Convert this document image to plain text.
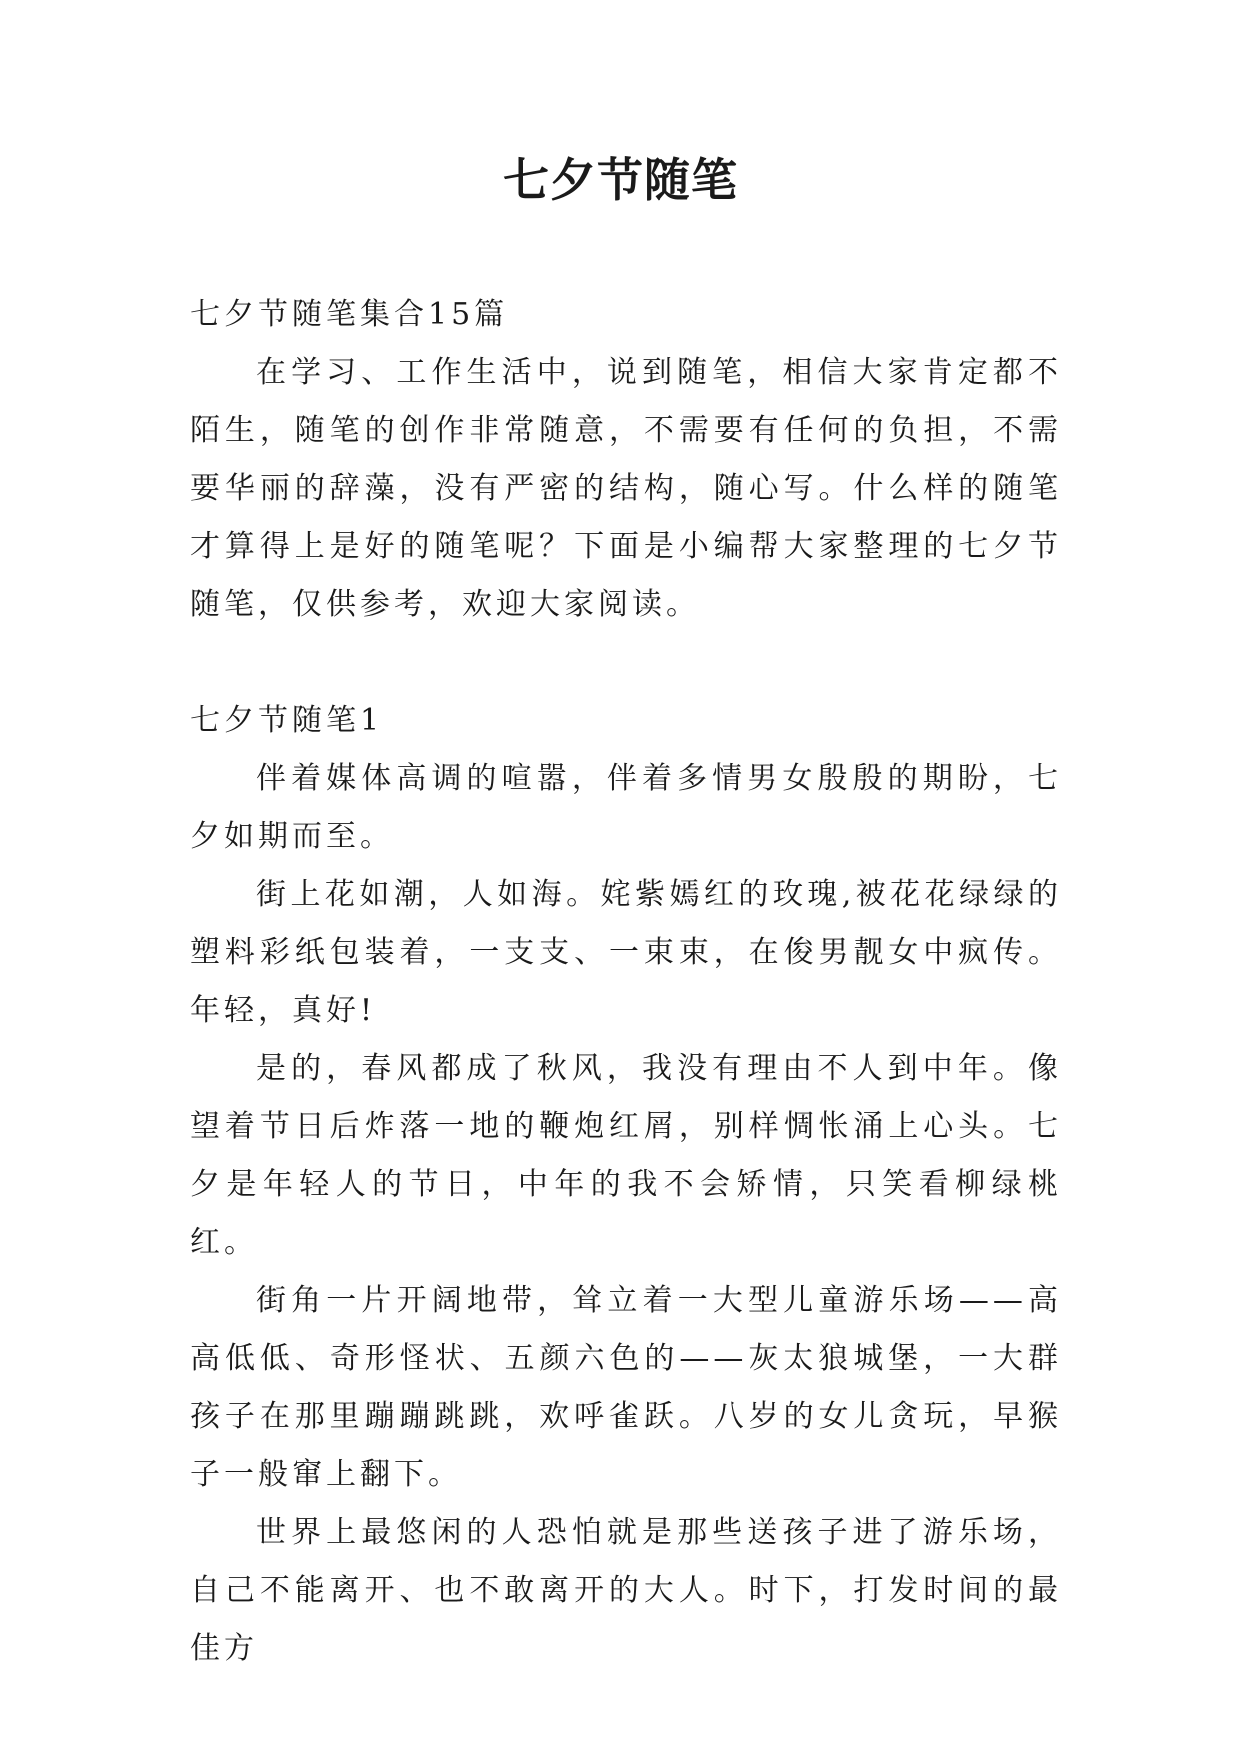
七夕节随笔

七夕节随笔集合15篇

在学习、工作生活中，说到随笔，相信大家肯定都不陌生，随笔的创作非常随意，不需要有任何的负担，不需要华丽的辞藻，没有严密的结构，随心写。什么样的随笔才算得上是好的随笔呢？下面是小编帮大家整理的七夕节随笔，仅供参考，欢迎大家阅读。

七夕节随笔1

伴着媒体高调的喧嚣，伴着多情男女殷殷的期盼，七夕如期而至。

街上花如潮，人如海。姹紫嫣红的玫瑰,被花花绿绿的塑料彩纸包装着，一支支、一束束，在俊男靓女中疯传。年轻，真好!

是的，春风都成了秋风，我没有理由不人到中年。像望着节日后炸落一地的鞭炮红屑，别样惆怅涌上心头。七夕是年轻人的节日，中年的我不会矫情，只笑看柳绿桃红。

街角一片开阔地带，耸立着一大型儿童游乐场——高高低低、奇形怪状、五颜六色的——灰太狼城堡，一大群孩子在那里蹦蹦跳跳，欢呼雀跃。八岁的女儿贪玩，早猴子一般窜上翻下。

世界上最悠闲的人恐怕就是那些送孩子进了游乐场，自己不能离开、也不敢离开的大人。时下，打发时间的最佳方
